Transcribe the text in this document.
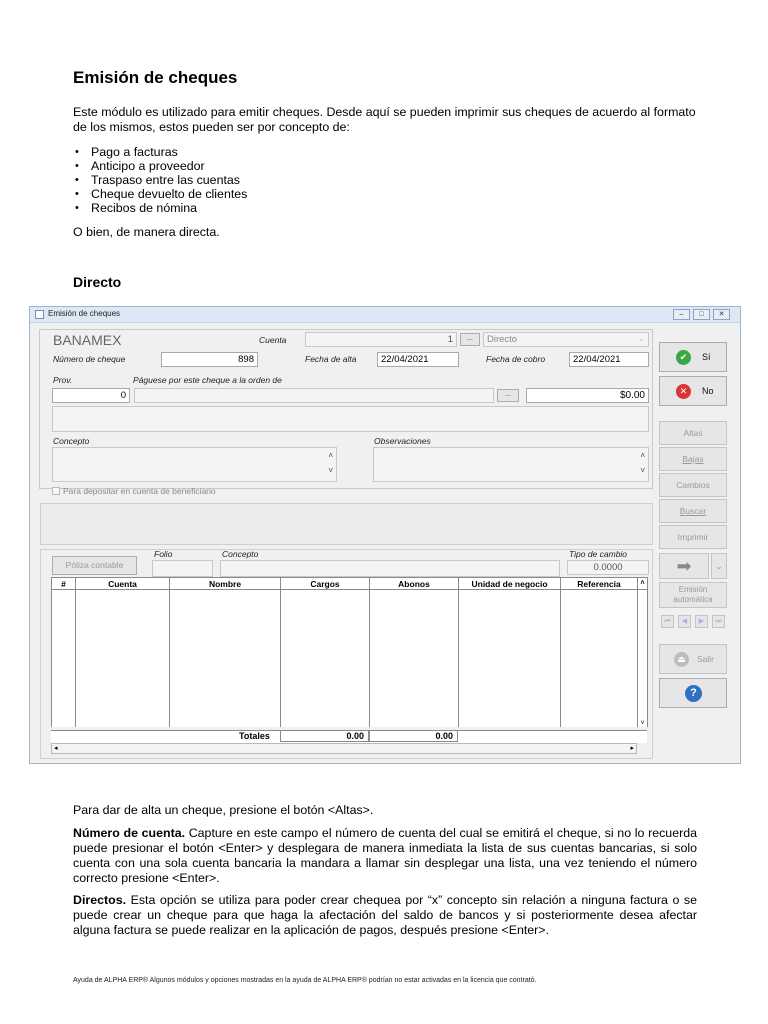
Emisión de cheques
Este módulo es utilizado para emitir cheques. Desde aquí se pueden imprimir sus cheques de acuerdo al formato de los mismos, estos pueden ser por concepto de:
• Pago a facturas
• Anticipo a proveedor
• Traspaso entre las cuentas
• Cheque devuelto de clientes
• Recibos de nómina
O bien, de manera directa.
Directo
Emisión de cheques	–	□	✕
BANAMEX	Cuenta	1	...	Directo	⌄
Número de cheque	898	Fecha de alta	22/04/2021	Fecha de cobro	22/04/2021
Prov.	Páguese por este cheque a la orden de
0	...	$0.00
Concepto
˄
˅
Observaciones
˄
˅
Para depositar en cuenta de beneficiario
Póliza contable
Folio	Concepto	Tipo de cambio
0.0000
#	Cuenta	Nombre	Cargos	Abonos	Unidad de negocio	Referencia	˄
							˅
Totales	0.00	0.00
◂	▸
✔	Sí
✕	No
Altas
Bajas
Cambios
Buscar
Imprimir
➡	⌄
Emisión automática
⏮	◀	▶	⏭
⏏	Salir
?
Para dar de alta un cheque, presione el botón <Altas>.
Número de cuenta. Capture en este campo el número de cuenta del cual se emitirá el cheque, si no lo recuerda puede presionar el botón <Enter> y desplegara de manera inmediata la lista de sus cuentas bancarias, si solo cuenta con una sola cuenta bancaria la mandara a llamar sin desplegar una lista, una vez teniendo el número correcto presione <Enter>.
Directos. Esta opción se utiliza para poder crear chequea por “x” concepto sin relación a ninguna factura o se puede crear un cheque para que haga la afectación del saldo de bancos y si posteriormente desea afectar alguna factura se puede realizar en la aplicación de pagos, después presione <Enter>.
Ayuda de ALPHA ERP® Algunos módulos y opciones mostradas en la ayuda de ALPHA ERP® podrían no estar activadas en la licencia que contrató.
